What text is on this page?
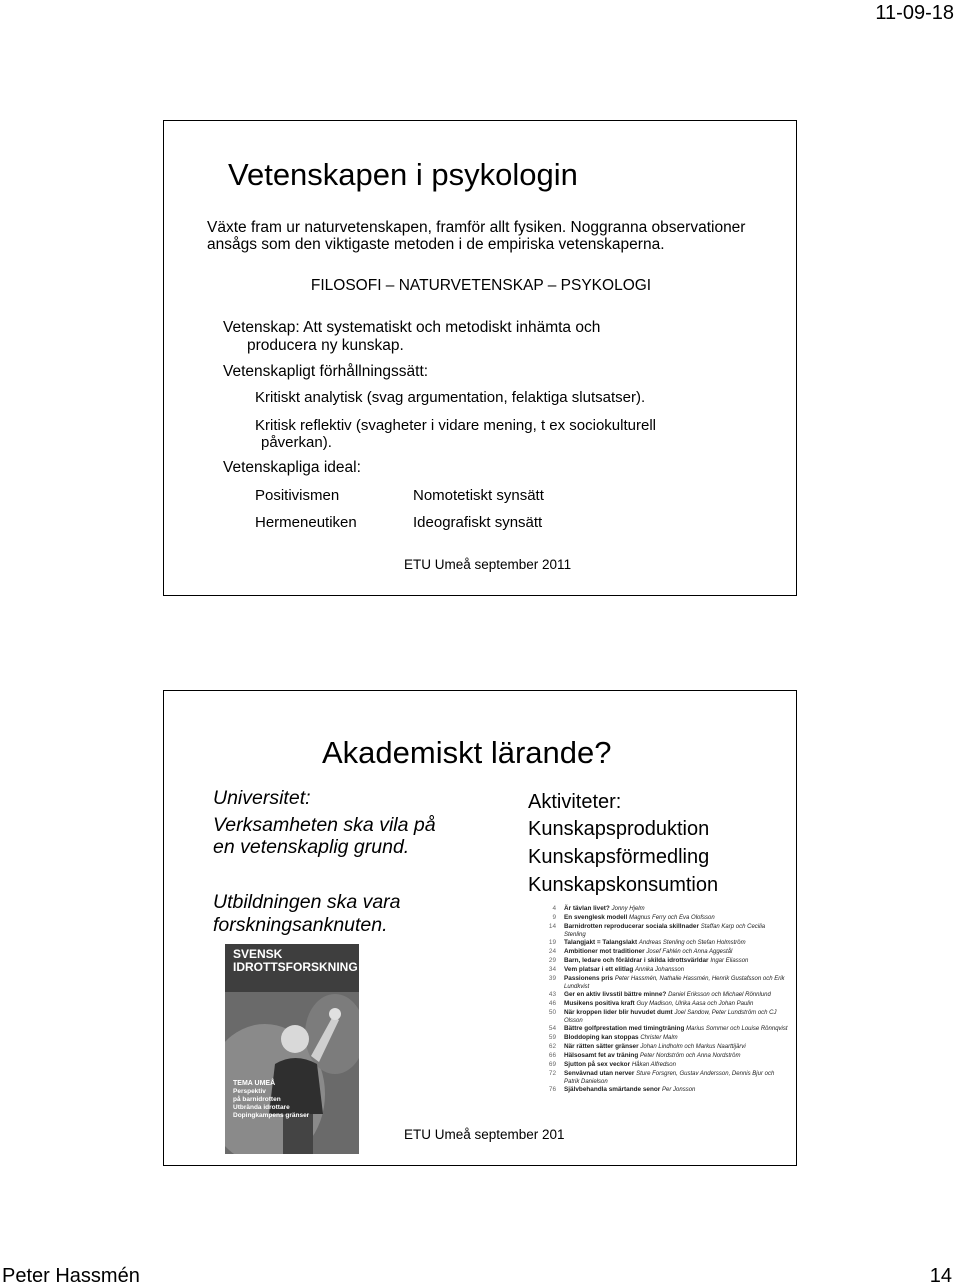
11-09-18
Vetenskapen i psykologin
Växte fram ur naturvetenskapen, framför allt fysiken. Noggranna observationer ansågs som den viktigaste metoden i de empiriska vetenskaperna.
FILOSOFI – NATURVETENSKAP – PSYKOLOGI
Vetenskap: Att systematiskt och metodiskt inhämta och
producera ny kunskap.
Vetenskapligt förhållningssätt:
Kritiskt analytisk (svag argumentation, felaktiga slutsatser).
Kritisk reflektiv (svagheter i vidare mening, t ex sociokulturell
påverkan).
Vetenskapliga ideal:
Positivismen	Nomotetiskt synsätt
Hermeneutiken	Ideografiskt synsätt
ETU Umeå september 2011
Akademiskt lärande?
Universitet:
Verksamheten ska vila på
en vetenskaplig grund.
Utbildningen ska vara
forskningsanknuten.
Aktiviteter:
Kunskapsproduktion
Kunskapsförmedling
Kunskapskonsumtion
SVENSK
IDROTTSFORSKNING
TEMA UMEÅ
Perspektiv
på barnidrotten
Utbrända idrottare
Dopingkampens gränser
4	Är tävlan livet? Jonny Hjelm
9	En svenglesk modell Magnus Ferry och Eva Olofsson
14	Barnidrotten reproducerar sociala skillnader Staffan Karp och Cecilia Stenling
19	Talangjakt = Talangslakt Andreas Stenling och Stefan Holmström
24	Ambitioner mot traditioner Josef Fahlén och Anna Aggestål
29	Barn, ledare och föräldrar i skilda idrottsvärldar Ingar Eliasson
34	Vem platsar i ett elitlag Annika Johansson
39	Passionens pris Peter Hassmén, Nathalie Hassmén, Henrik Gustafsson och Erik Lundkvist
43	Ger en aktiv livsstil bättre minne? Daniel Eriksson och Michael Rönnlund
46	Musikens positiva kraft Guy Madison, Ulrika Aasa och Johan Paulin
50	När kroppen lider blir huvudet dumt Joel Sandow, Peter Lundström och CJ Olsson
54	Bättre golfprestation med timingträning Marius Sommer och Louise Rönnqvist
59	Bloddoping kan stoppas Christer Malm
62	När rätten sätter gränser Johan Lindholm och Markus Naarttijärvi
66	Hälsosamt fet av träning Peter Nordström och Anna Nordström
69	Sjutton på sex veckor Håkan Alfredson
72	Senvävnad utan nerver Sture Forsgren, Gustav Andersson, Dennis Bjur och Patrik Danielson
76	Självbehandla smärtande senor Per Jonsson
ETU Umeå september 201
Peter Hassmén	14
